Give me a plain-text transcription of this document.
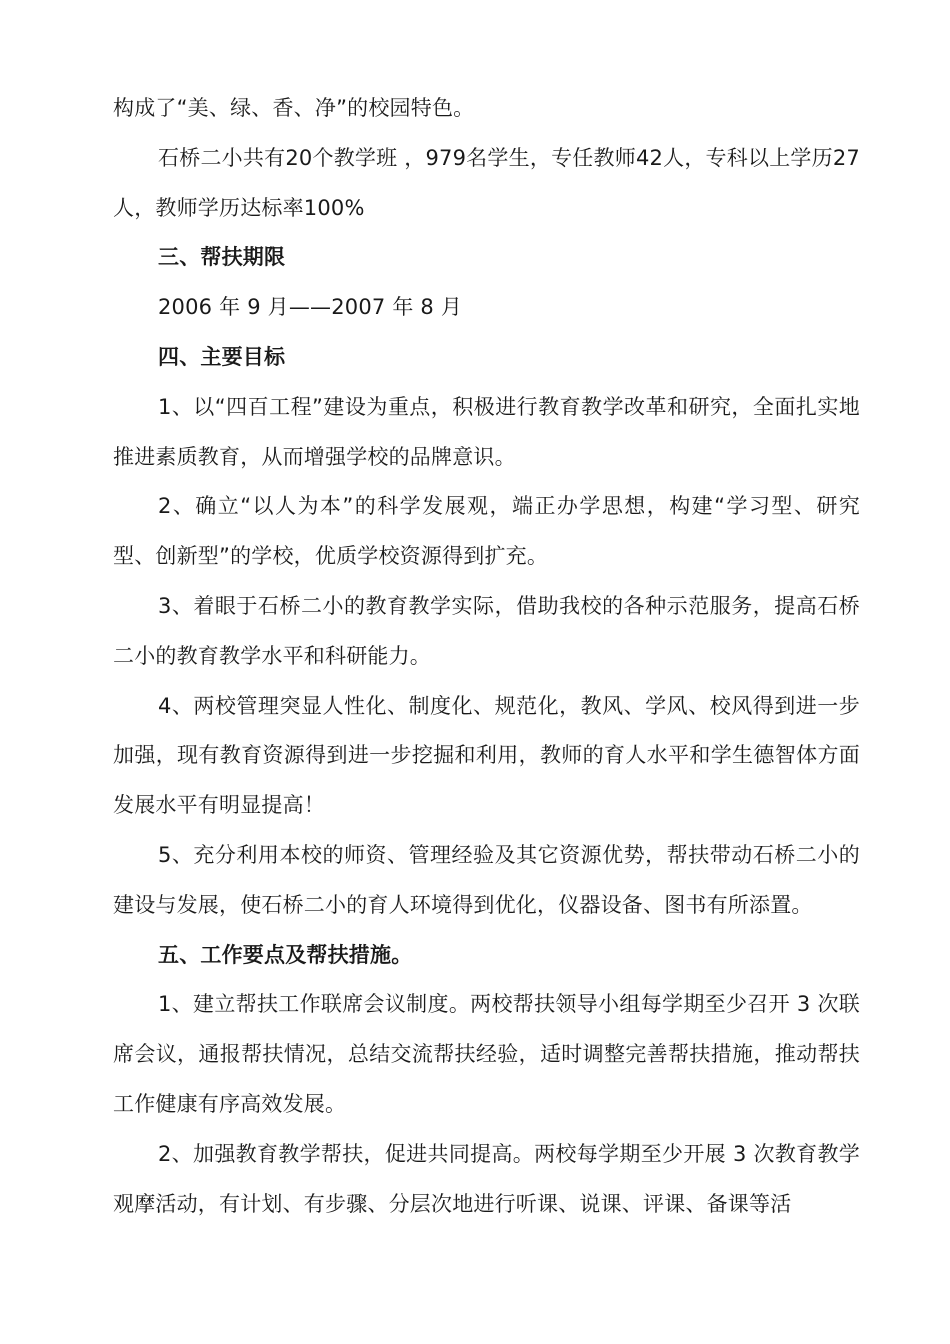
构成了“美、绿、香、净”的校园特色。

石桥二小共有20个教学班 ，979名学生，专任教师42人，专科以上学历27人，教师学历达标率100%

三、帮扶期限

2006 年 9 月——2007 年 8 月

四、主要目标

1、以“四百工程”建设为重点，积极进行教育教学改革和研究，全面扎实地推进素质教育，从而增强学校的品牌意识。

2、确立“以人为本”的科学发展观，端正办学思想，构建“学习型、研究型、创新型”的学校，优质学校资源得到扩充。

3、着眼于石桥二小的教育教学实际，借助我校的各种示范服务，提高石桥二小的教育教学水平和科研能力。

4、两校管理突显人性化、制度化、规范化，教风、学风、校风得到进一步加强，现有教育资源得到进一步挖掘和利用，教师的育人水平和学生德智体方面发展水平有明显提高！

5、充分利用本校的师资、管理经验及其它资源优势，帮扶带动石桥二小的建设与发展，使石桥二小的育人环境得到优化，仪器设备、图书有所添置。

五、工作要点及帮扶措施。

1、建立帮扶工作联席会议制度。两校帮扶领导小组每学期至少召开 3 次联席会议，通报帮扶情况，总结交流帮扶经验，适时调整完善帮扶措施，推动帮扶工作健康有序高效发展。

2、加强教育教学帮扶，促进共同提高。两校每学期至少开展 3 次教育教学观摩活动，有计划、有步骤、分层次地进行听课、说课、评课、备课等活
